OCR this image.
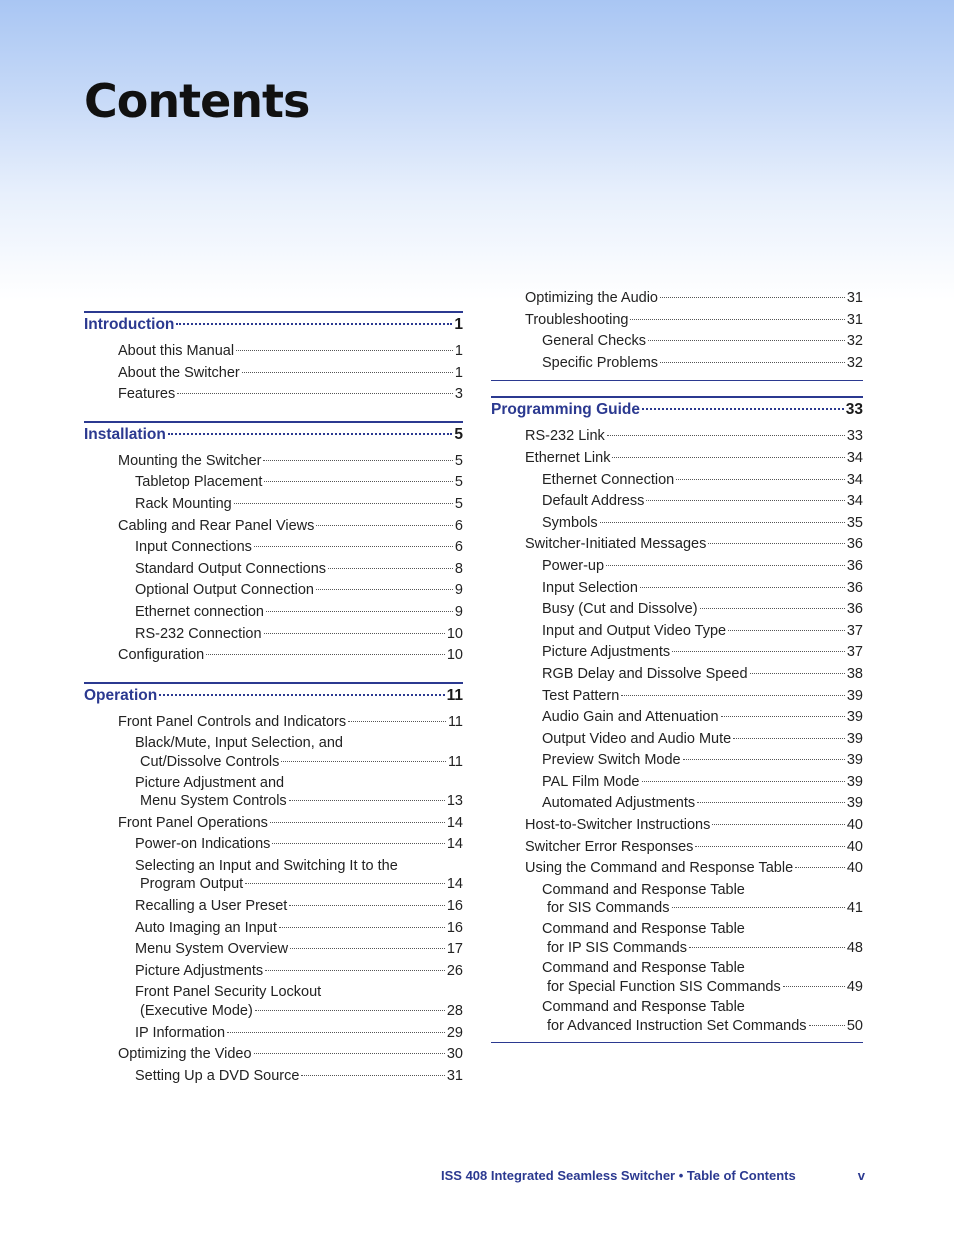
Contents
Introduction	1
About this Manual	1
About the Switcher	1
Features	3
Installation	5
Mounting the Switcher	5
Tabletop Placement	5
Rack Mounting	5
Cabling and Rear Panel Views	6
Input Connections	6
Standard Output Connections	8
Optional Output Connection	9
Ethernet connection	9
RS-232 Connection	10
Configuration	10
Operation	11
Front Panel Controls and Indicators	11
Black/Mute, Input Selection, and
Cut/Dissolve Controls	11
Picture Adjustment and
Menu System Controls	13
Front Panel Operations	14
Power-on Indications	14
Selecting an Input and Switching It to the
Program Output	14
Recalling a User Preset	16
Auto Imaging an Input	16
Menu System Overview	17
Picture Adjustments	26
Front Panel Security Lockout
(Executive Mode)	28
IP Information	29
Optimizing the Video	30
Setting Up a DVD Source	31
Optimizing the Audio	31
Troubleshooting	31
General Checks	32
Specific Problems	32
Programming Guide	33
RS-232 Link	33
Ethernet Link	34
Ethernet Connection	34
Default Address	34
Symbols	35
Switcher-Initiated Messages	36
Power-up	36
Input Selection	36
Busy (Cut and Dissolve)	36
Input and Output Video Type	37
Picture Adjustments	37
RGB Delay and Dissolve Speed	38
Test Pattern	39
Audio Gain and Attenuation	39
Output Video and Audio Mute	39
Preview Switch Mode	39
PAL Film Mode	39
Automated Adjustments	39
Host-to-Switcher Instructions	40
Switcher Error Responses	40
Using the Command and Response Table	40
Command and Response Table
for SIS Commands	41
Command and Response Table
for IP SIS Commands	48
Command and Response Table
for Special Function SIS Commands	49
Command and Response Table
for Advanced Instruction Set Commands	50
ISS 408 Integrated Seamless Switcher • Table of Contents	v
